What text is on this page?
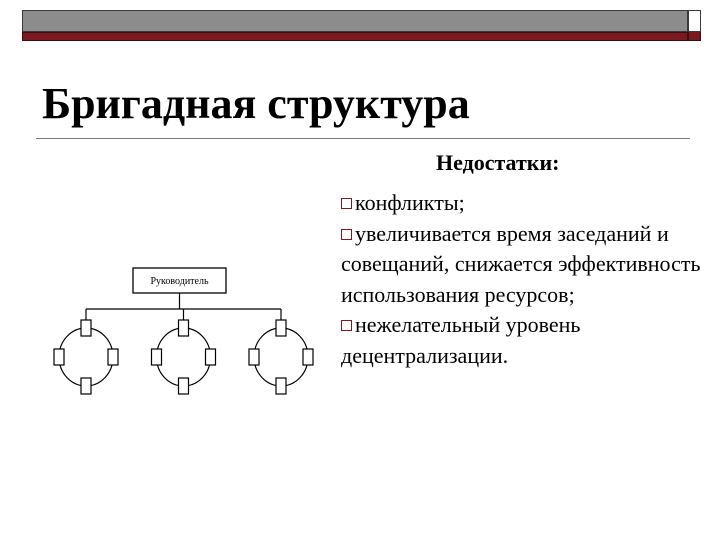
Бригадная структура
Недостатки:

конфликты;

увеличивается время заседаний и совещаний, снижается эффективность использования ресурсов;

нежелательный уровень децентрализации.

Руководитель
